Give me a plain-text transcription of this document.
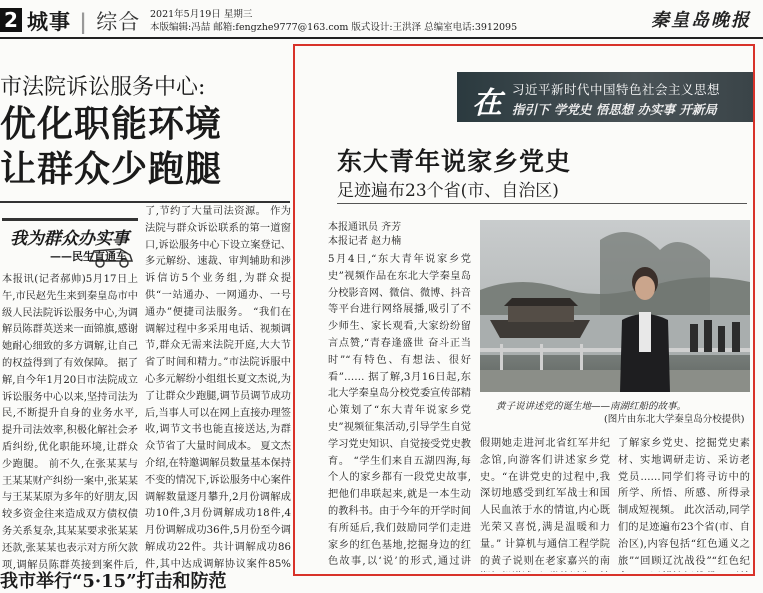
2 城事 | 综合 2021年5月19日 星期三
本版编辑:冯喆 邮箱:fengzhe9777@163.com 版式设计:王洪泽 总编室电话:3912095	秦皇岛晚报
市法院诉讼服务中心:
优化职能环境
让群众少跑腿
我为群众办实事
——民生直通车
本报讯(记者郝帅)5月17日上午,市民赵先生来到秦皇岛市中级人民法院诉讼服务中心,为调解员陈群英送来一面锦旗,感谢她耐心细致的多方调解,让自己的权益得到了有效保障。 据了解,自今年1月20日市法院成立诉讼服务中心以来,坚持司法为民,不断提升自身的业务水平,提升司法效率,积极化解社会矛盾纠纷,优化职能环境,让群众少跑腿。 前不久,在张某某与王某某财产纠纷一案中,张某某与王某某原为多年的好朋友,因较多资金往来造成双方债权债务关系复杂,其某某要求张某某还款,张某某也表示对方所欠款项,调解员陈群英接到案件后,
了,节约了大量司法资源。 作为法院与群众诉讼联系的第一道窗口,诉讼服务中心下设立案登记、多元解纷、速裁、审判辅助和涉诉信访5个业务组,为群众提供“一站通办、一网通办、一号通办”便捷司法服务。 “我们在调解过程中多采用电话、视频调节,群众无需来法院开庭,大大节省了时间和精力。”市法院诉服中心多元解纷小组组长夏文杰说,为了让群众少跑腿,调节员调节成功后,当事人可以在网上直接办理签收,调节文书也能直接送达,为群众节省了大量时间成本。 夏文杰介绍,在特邀调解员数量基本保持不变的情况下,诉讼服务中心案件调解数量逐月攀升,2月份调解成功10件,3月份调解成功18件,4月份调解成功36件,5月份至今调解成功22件。共计调解成功86件,其中达成调解协议案件85%
我市举行“5·15”打击和防范
在 习近平新时代中国特色社会主义思想
指引下 学党史 悟思想 办实事 开新局
东大青年说家乡党史
足迹遍布23个省(市、自治区)
本报通讯员 齐芳
本报记者 赵力楠
5月4日,“东大青年说家乡党史”视频作品在东北大学秦皇岛分校影音网、微信、微博、抖音等平台进行网络展播,吸引了不少师生、家长观看,大家纷纷留言点赞,“青春逢盛世 奋斗正当时”“有特色、有想法、很好看”…… 据了解,3月16日起,东北大学秦皇岛分校党委宣传部精心策划了“东大青年说家乡党史”视频征集活动,引导学生自觉学习党史知识、自觉接受党史教育。 “学生们来自五湖四海,每个人的家乡都有一段党史故事,把他们串联起来,就是一本生动的教科书。由于今年的开学时间有所延后,我们鼓励同学们走进家乡的红色基地,挖掘身边的红色故事,以‘说’的形式,通过讲
黄子说讲述党的诞生地——南湖红船的故事。
(图片由东北大学秦皇岛分校提供)
假期她走进河北省红军井纪念馆,向游客们讲述家乡党史。“在讲党史的过程中,我深切地感受到红军战士和国人民血浓于水的情谊,内心既光荣又喜悦,满是温暖和力量。” 计算机与通信工程学院的黄子说则在老家嘉兴的南
了解家乡党史、挖掘党史素材、实地调研走访、采访老党员……同学们将寻访中的所学、所悟、所感、所得录制成短视频。 此次活动,同学们的足迹遍布23个省(市、自治区),内容包括“红色通义之旅”“回顾辽沈战役”“红色纪
